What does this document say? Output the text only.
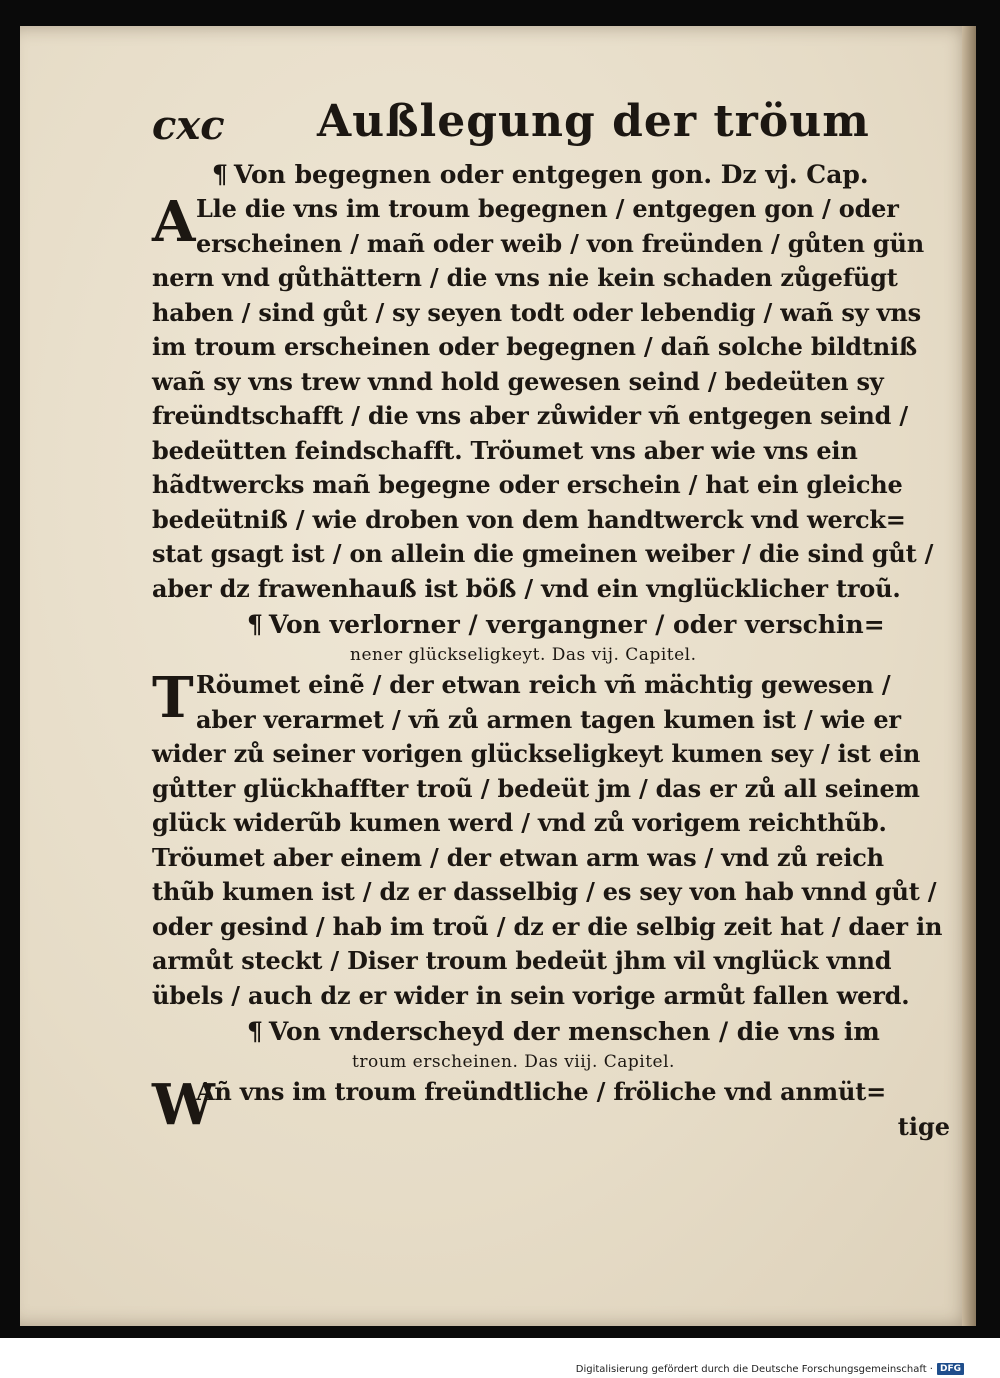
cxc Außlegung der tröum
¶ Von begegnen oder entgegen gon. Dz vj. Cap.
A Lle die vns im troum begegnen / entgegen gon / oder
erscheinen / mañ oder weib / von freünden / gůten gün
nern vnd gůthättern / die vns nie kein schaden zůgefügt
haben / sind gůt / sy seyen todt oder lebendig / wañ sy vns
im troum erscheinen oder begegnen / dañ solche bildtniß
wañ sy vns trew vnnd hold gewesen seind / bedeüten sy
freündtschafft / die vns aber zůwider vñ entgegen seind /
bedeütten feindschafft. Tröumet vns aber wie vns ein
hãdtwercks mañ begegne oder erschein / hat ein gleiche
bedeütniß / wie droben von dem handtwerck vnd werck=
stat gsagt ist / on allein die gmeinen weiber / die sind gůt /
aber dz frawenhauß ist böß / vnd ein vnglücklicher troũ.
¶ Von verlorner / vergangner / oder verschin=
nener glückseligkeyt. Das vij. Capitel.
T Röumet einẽ / der etwan reich vñ mächtig gewesen /
aber verarmet / vñ zů armen tagen kumen ist / wie er
wider zů seiner vorigen glückseligkeyt kumen sey / ist ein
gůtter glückhaffter troũ / bedeüt jm / das er zů all seinem
glück widerũb kumen werd / vnd zů vorigem reichthũb.
Tröumet aber einem / der etwan arm was / vnd zů reich
thũb kumen ist / dz er dasselbig / es sey von hab vnnd gůt /
oder gesind / hab im troũ / dz er die selbig zeit hat / daer in
armůt steckt / Diser troum bedeüt jhm vil vnglück vnnd
übels / auch dz er wider in sein vorige armůt fallen werd.
¶ Von vnderscheyd der menschen / die vns im
troum erscheinen. Das viij. Capitel.
W
Añ vns im troum freündtliche / fröliche vnd anmüt=
tige
Digitalisierung gefördert durch die Deutsche Forschungsgemeinschaft · DFG
